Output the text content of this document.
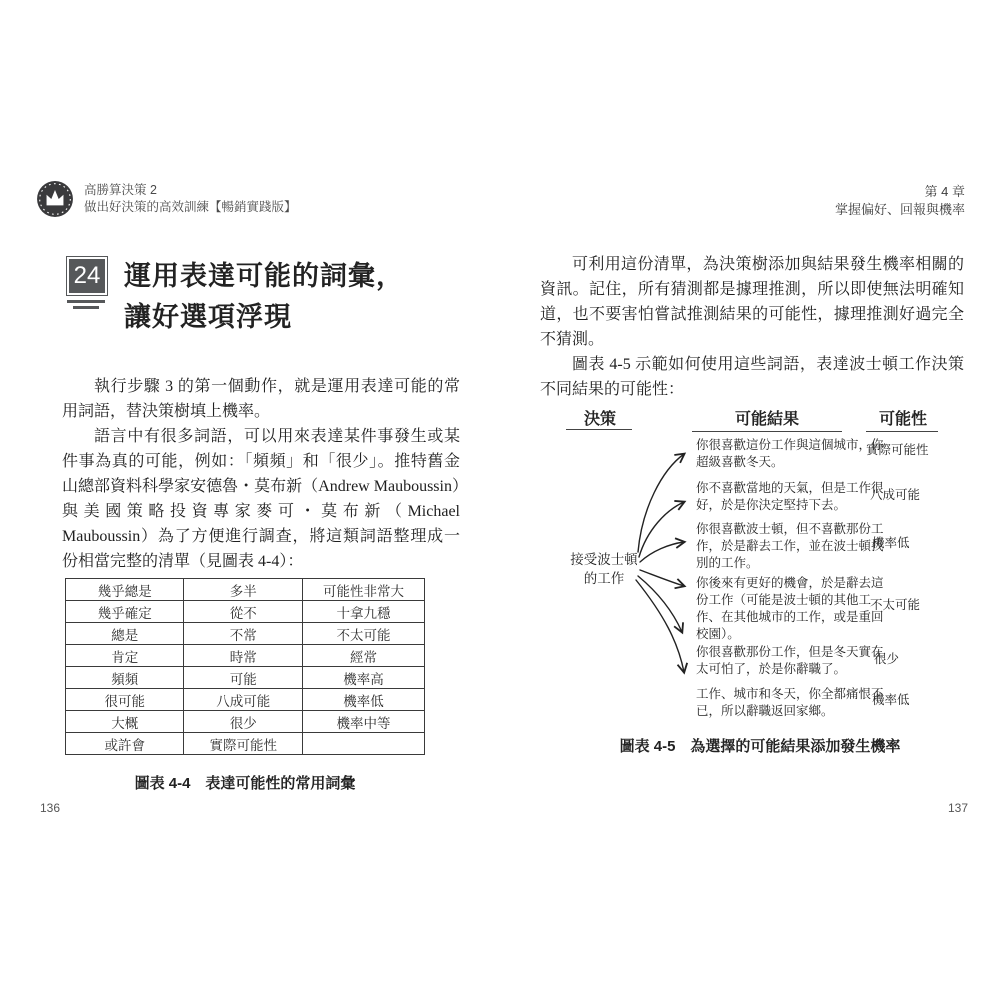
高勝算決策 2
做出好決策的高效訓練【暢銷實踐版】
第 4 章
掌握偏好、回報與機率
24 運用表達可能的詞彙，
讓好選項浮現

執行步驟 3 的第一個動作，就是運用表達可能的常用詞語，替決策樹填上機率。

語言中有很多詞語，可以用來表達某件事發生或某件事為真的可能，例如：「頻頻」和「很少」。推特舊金山總部資料科學家安德魯・莫布新（Andrew Mauboussin）與美國策略投資專家麥可・莫布新（Michael Mauboussin）為了方便進行調查，將這類詞語整理成一份相當完整的清單（見圖表 4-4）：

幾乎總是	多半	可能性非常大
幾乎確定	從不	十拿九穩
總是	不常	不太可能
肯定	時常	經常
頻頻	可能	機率高
很可能	八成可能	機率低
大概	很少	機率中等
或許會	實際可能性	
圖表 4-4　表達可能性的常用詞彙
136

可利用這份清單，為決策樹添加與結果發生機率相關的資訊。記住，所有猜測都是據理推測，所以即使無法明確知道，也不要害怕嘗試推測結果的可能性，據理推測好過完全不猜測。

圖表 4-5 示範如何使用這些詞語，表達波士頓工作決策不同結果的可能性：

決策	可能結果	可能性
接受波士頓
的工作
你很喜歡這份工作與這個城市，你超級喜歡冬天。
實際可能性
你不喜歡當地的天氣，但是工作很好，於是你決定堅持下去。
八成可能
你很喜歡波士頓，但不喜歡那份工作，於是辭去工作，並在波士頓找別的工作。
機率低
你後來有更好的機會，於是辭去這份工作（可能是波士頓的其他工作、在其他城市的工作，或是重回校園）。
不太可能
你很喜歡那份工作，但是冬天實在太可怕了，於是你辭職了。
很少
工作、城市和冬天，你全都痛恨不已，所以辭職返回家鄉。
機率低
圖表 4-5　為選擇的可能結果添加發生機率
137
